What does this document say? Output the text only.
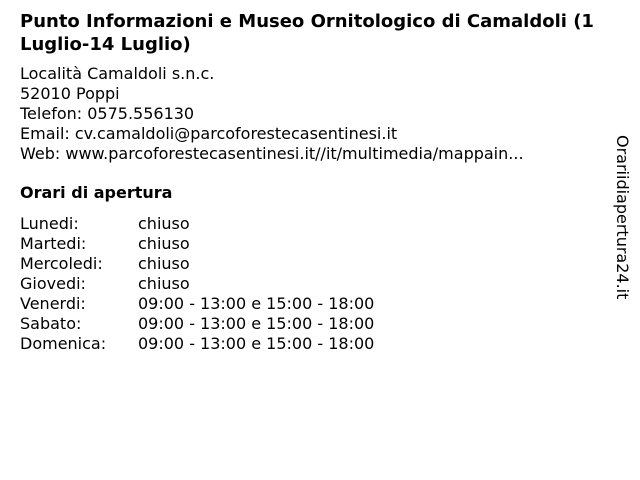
Punto Informazioni e Museo Ornitologico di Camaldoli (1 Luglio-14 Luglio)
Località Camaldoli s.n.c.
52010 Poppi
Telefon: 0575.556130
Email: cv.camaldoli@parcoforestecasentinesi.it
Web: www.parcoforestecasentinesi.it//it/multimedia/mappain...
Orari di apertura
Lunedi:	chiuso
Martedi:	chiuso
Mercoledi:	chiuso
Giovedi:	chiuso
Venerdi:	09:00 - 13:00 e 15:00 - 18:00
Sabato:	09:00 - 13:00 e 15:00 - 18:00
Domenica:	09:00 - 13:00 e 15:00 - 18:00
Orariidiapertura24.it
